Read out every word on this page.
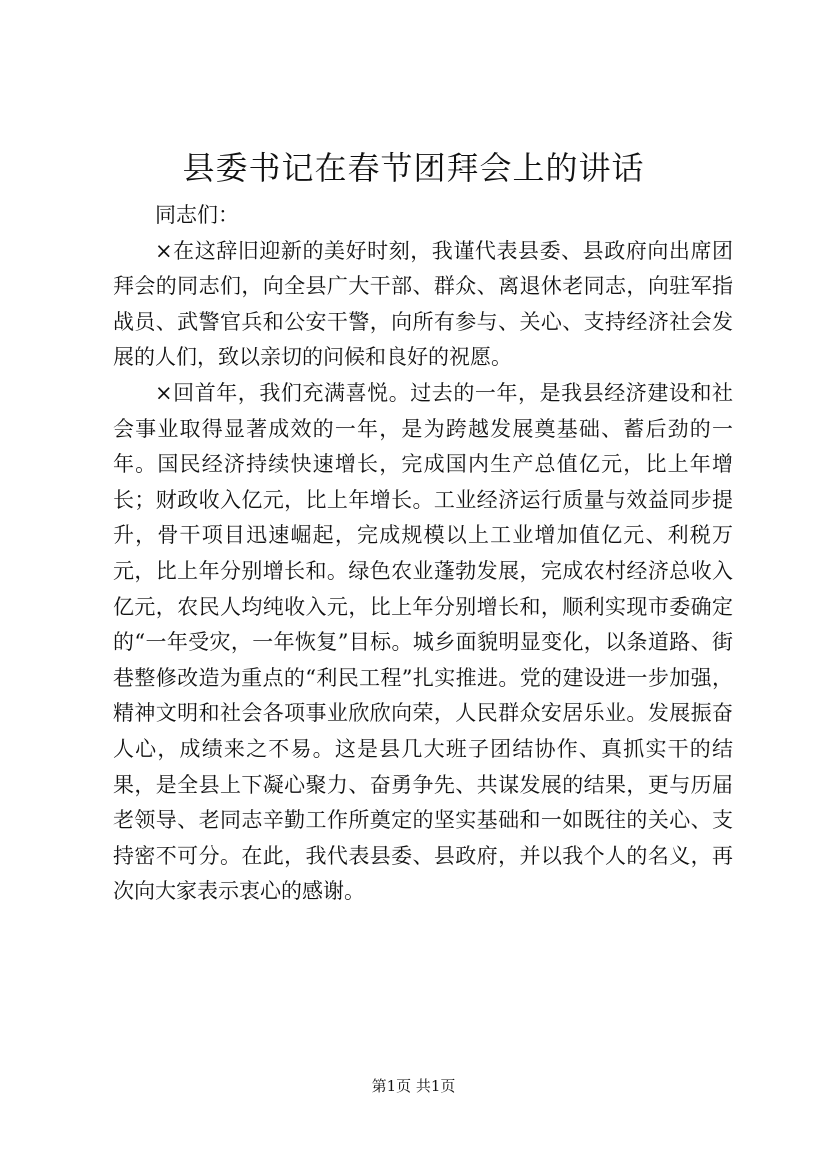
县委书记在春节团拜会上的讲话

同志们：

×在这辞旧迎新的美好时刻，我谨代表县委、县政府向出席团拜会的同志们，向全县广大干部、群众、离退休老同志，向驻军指战员、武警官兵和公安干警，向所有参与、关心、支持经济社会发展的人们，致以亲切的问候和良好的祝愿。

×回首年，我们充满喜悦。过去的一年，是我县经济建设和社会事业取得显著成效的一年，是为跨越发展奠基础、蓄后劲的一年。国民经济持续快速增长，完成国内生产总值亿元，比上年增长；财政收入亿元，比上年增长。工业经济运行质量与效益同步提升，骨干项目迅速崛起，完成规模以上工业增加值亿元、利税万元，比上年分别增长和。绿色农业蓬勃发展，完成农村经济总收入亿元，农民人均纯收入元，比上年分别增长和，顺利实现市委确定的“一年受灾，一年恢复”目标。城乡面貌明显变化，以条道路、街巷整修改造为重点的“利民工程”扎实推进。党的建设进一步加强，精神文明和社会各项事业欣欣向荣，人民群众安居乐业。发展振奋人心，成绩来之不易。这是县几大班子团结协作、真抓实干的结果，是全县上下凝心聚力、奋勇争先、共谋发展的结果，更与历届老领导、老同志辛勤工作所奠定的坚实基础和一如既往的关心、支持密不可分。在此，我代表县委、县政府，并以我个人的名义，再次向大家表示衷心的感谢。

第1页 共1页
